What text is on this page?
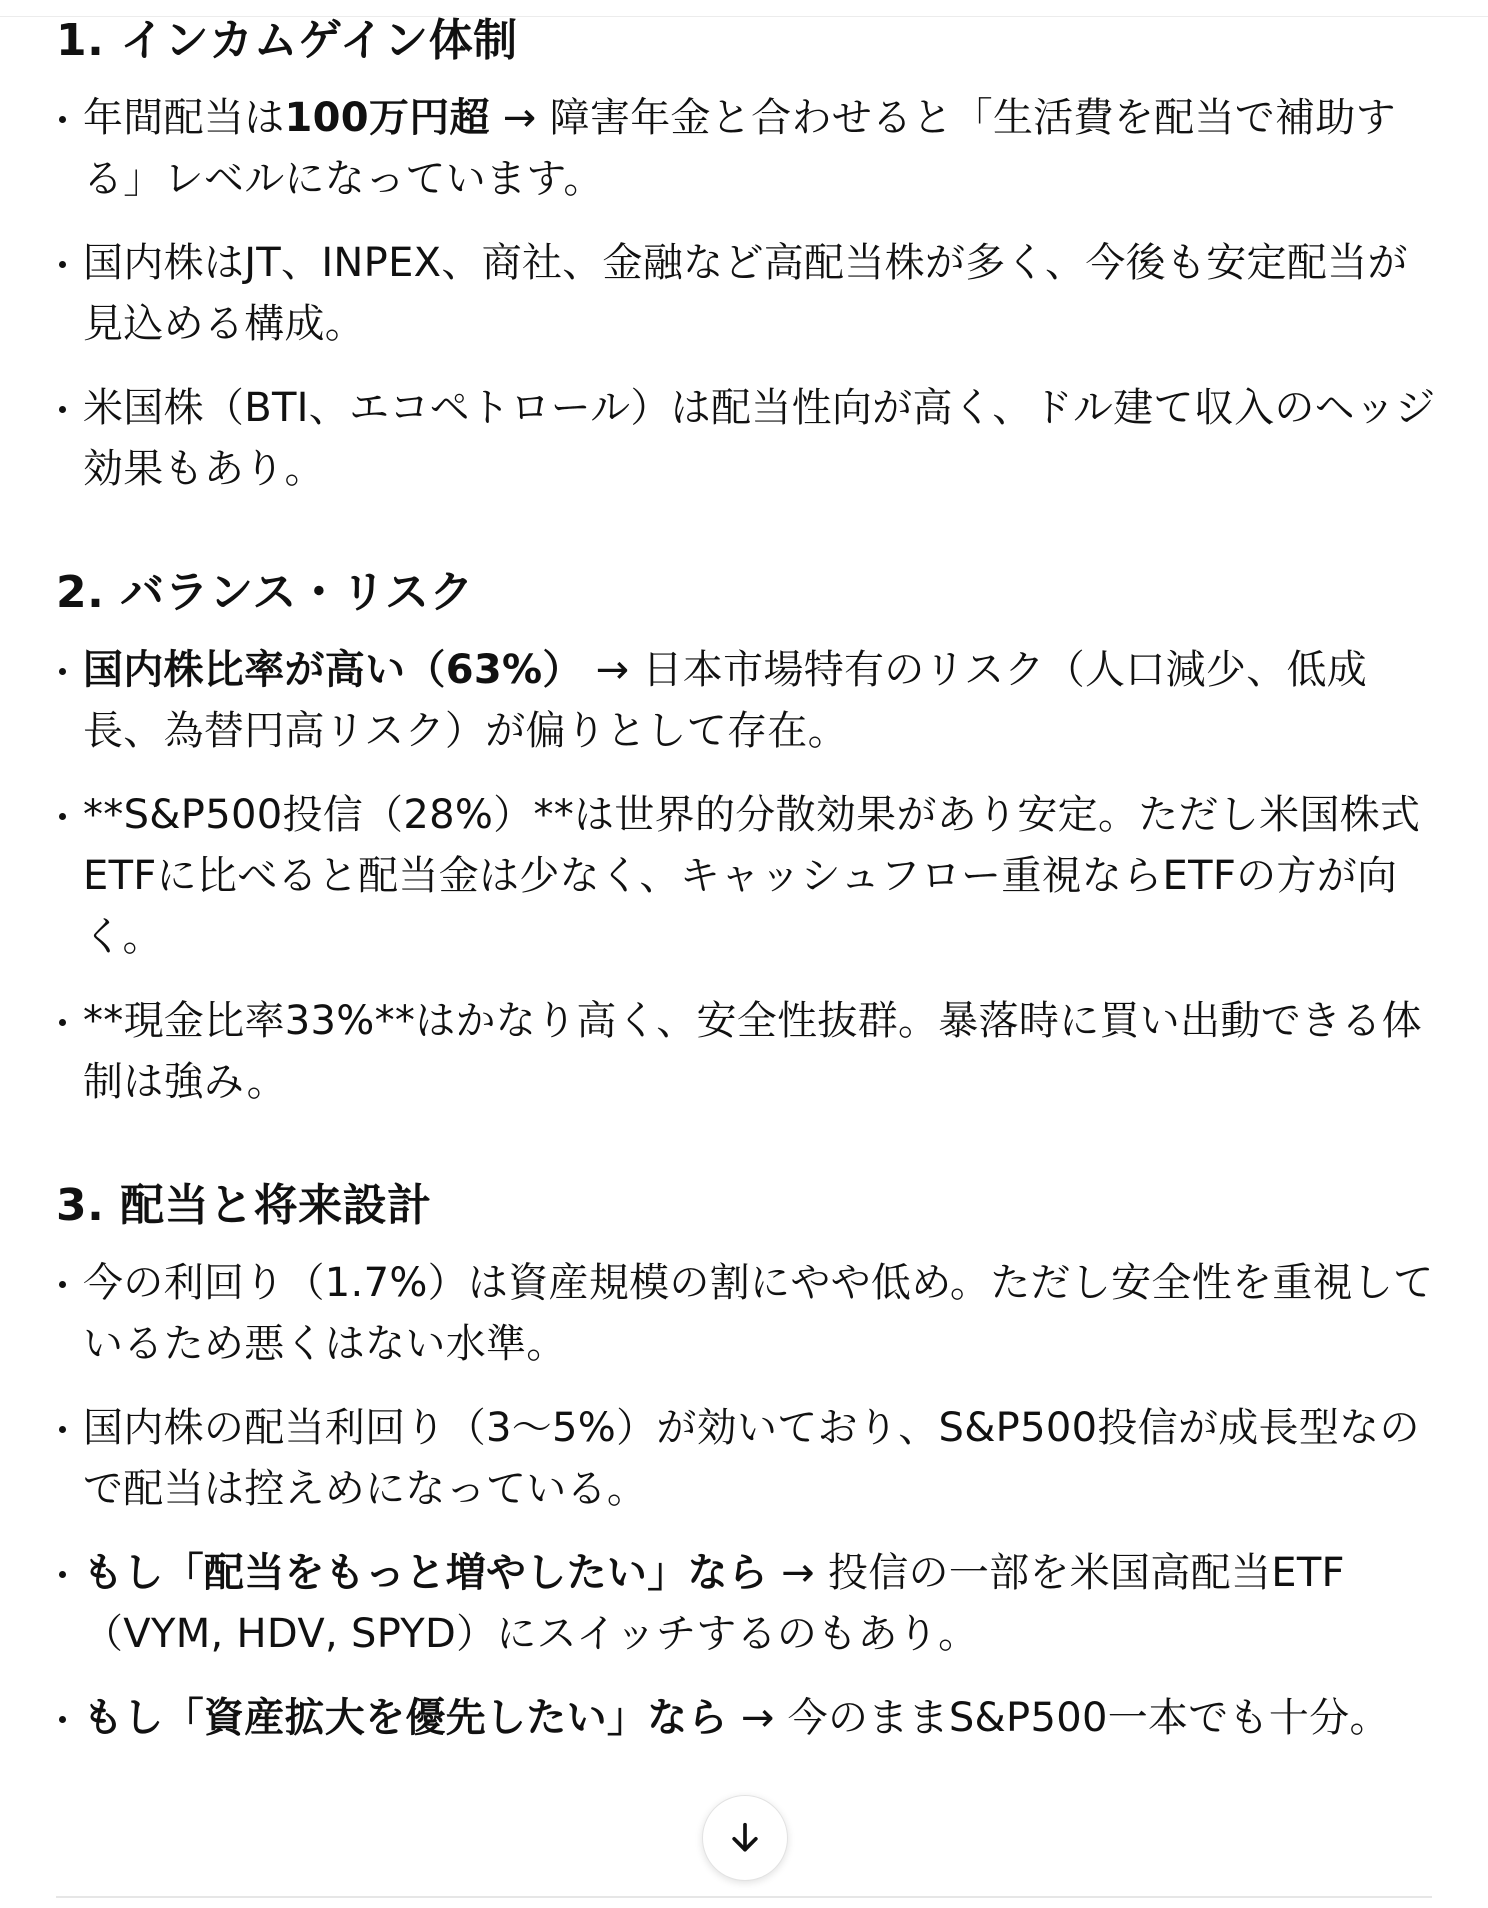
1. インカムゲイン体制
年間配当は100万円超 → 障害年金と合わせると「生活費を配当で補助する」レベルになっています。
国内株はJT、INPEX、商社、金融など高配当株が多く、今後も安定配当が見込める構成。
米国株（BTI、エコペトロール）は配当性向が高く、ドル建て収入のヘッジ効果もあり。
2. バランス・リスク
国内株比率が高い（63%） → 日本市場特有のリスク（人口減少、低成長、為替円高リスク）が偏りとして存在。
**S&P500投信（28%）**は世界的分散効果があり安定。ただし米国株式ETFに比べると配当金は少なく、キャッシュフロー重視ならETFの方が向く。
**現金比率33%**はかなり高く、安全性抜群。暴落時に買い出動できる体制は強み。
3. 配当と将来設計
今の利回り（1.7%）は資産規模の割にやや低め。ただし安全性を重視しているため悪くはない水準。
国内株の配当利回り（3〜5%）が効いており、S&P500投信が成長型なので配当は控えめになっている。
もし「配当をもっと増やしたい」なら → 投信の一部を米国高配当ETF（VYM, HDV, SPYD）にスイッチするのもあり。
もし「資産拡大を優先したい」なら → 今のままS&P500一本でも十分。
